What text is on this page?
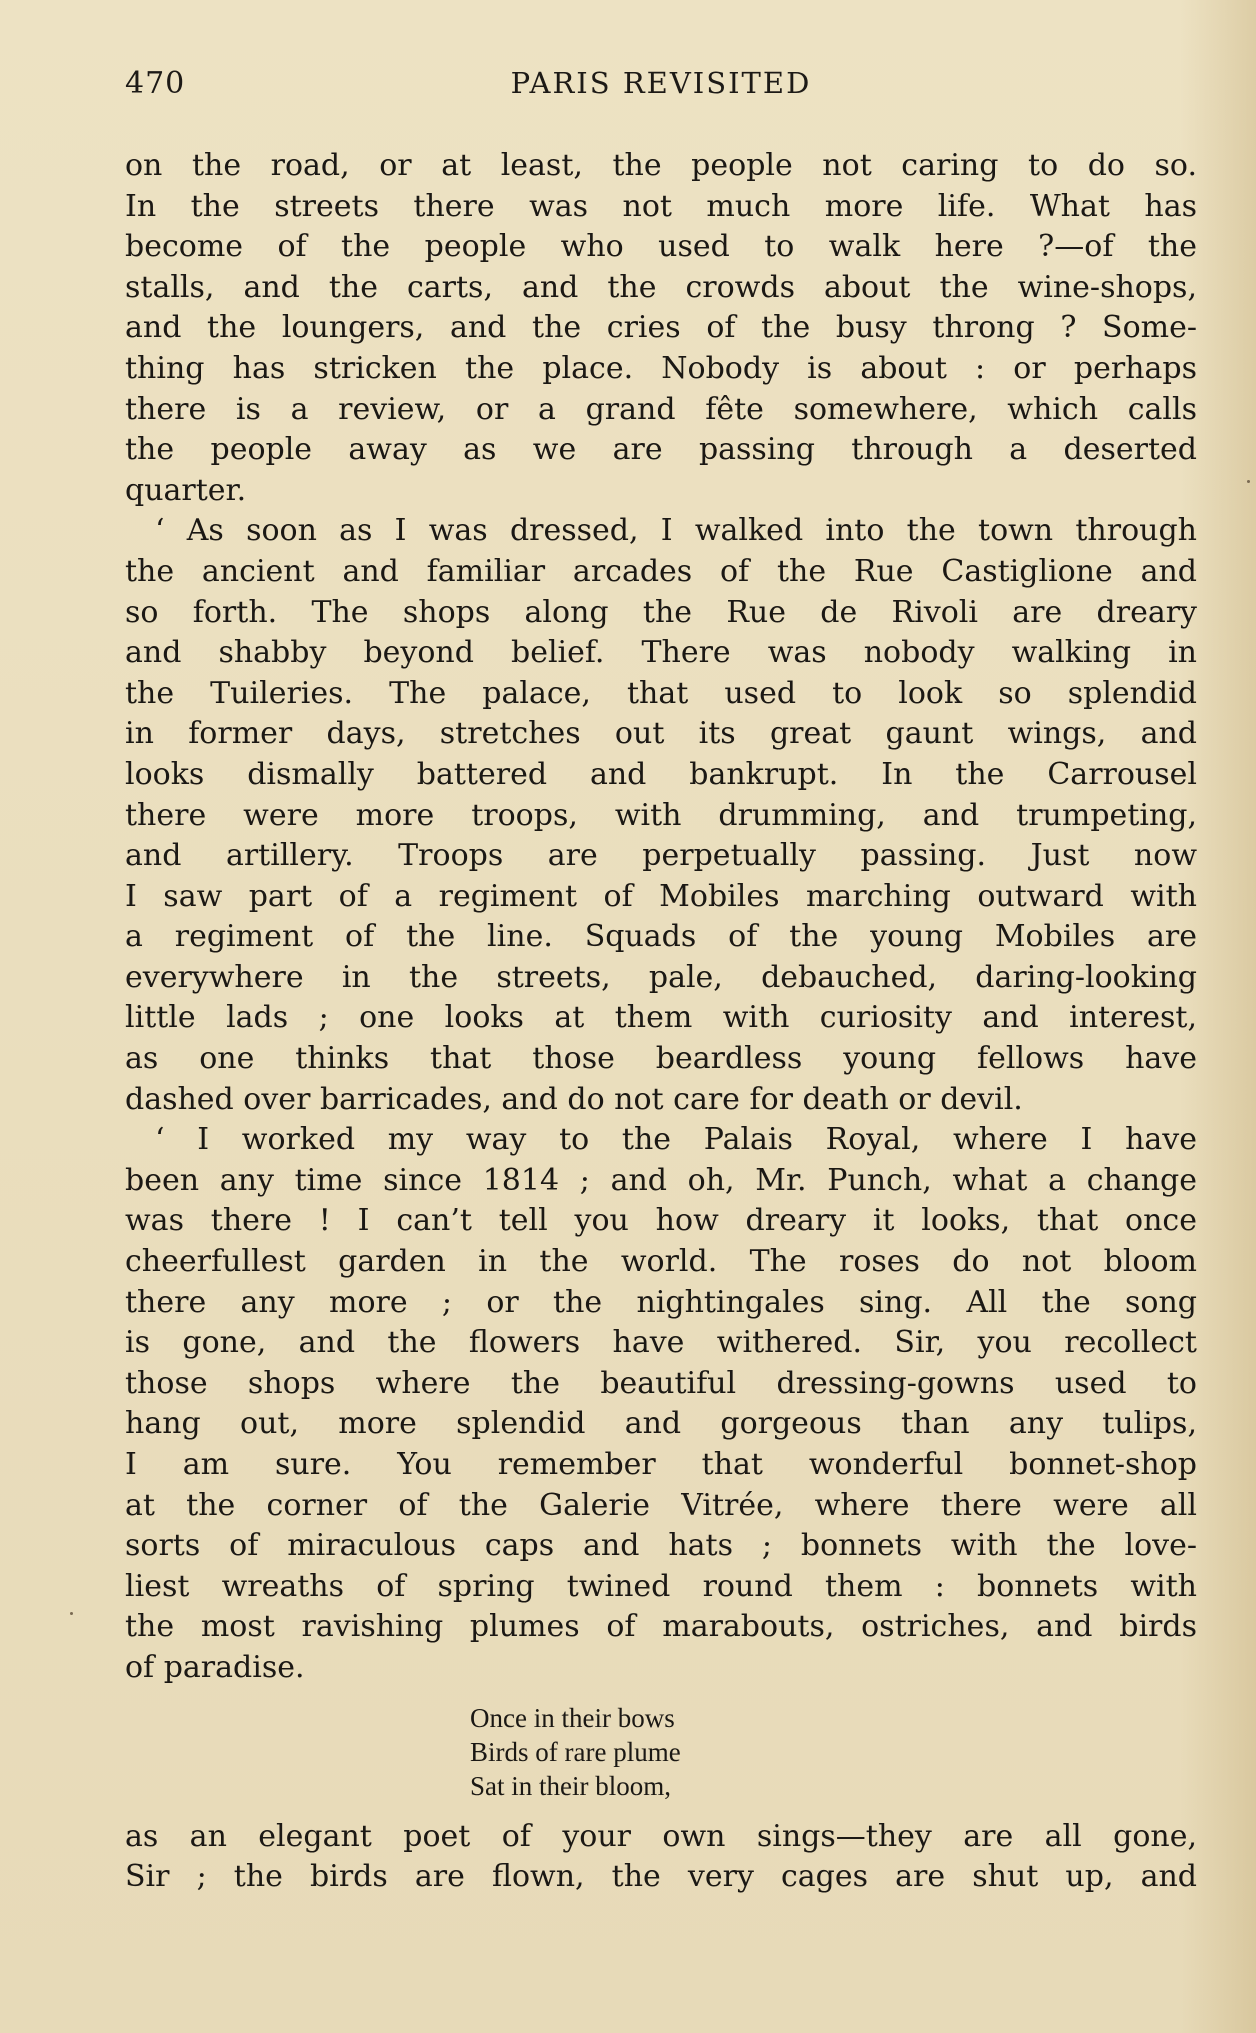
470	PARIS REVISITED
on the road, or at least, the people not caring to do so.
In the streets there was not much more life. What has
become of the people who used to walk here ?—of the
stalls, and the carts, and the crowds about the wine-shops,
and the loungers, and the cries of the busy throng ? Some-
thing has stricken the place. Nobody is about : or perhaps
there is a review, or a grand fête somewhere, which calls
the people away as we are passing through a deserted
quarter.
‘ As soon as I was dressed, I walked into the town through
the ancient and familiar arcades of the Rue Castiglione and
so forth. The shops along the Rue de Rivoli are dreary
and shabby beyond belief. There was nobody walking in
the Tuileries. The palace, that used to look so splendid
in former days, stretches out its great gaunt wings, and
looks dismally battered and bankrupt. In the Carrousel
there were more troops, with drumming, and trumpeting,
and artillery. Troops are perpetually passing. Just now
I saw part of a regiment of Mobiles marching outward with
a regiment of the line. Squads of the young Mobiles are
everywhere in the streets, pale, debauched, daring-looking
little lads ; one looks at them with curiosity and interest,
as one thinks that those beardless young fellows have
dashed over barricades, and do not care for death or devil.
‘ I worked my way to the Palais Royal, where I have
been any time since 1814 ; and oh, Mr. Punch, what a change
was there ! I can’t tell you how dreary it looks, that once
cheerfullest garden in the world. The roses do not bloom
there any more ; or the nightingales sing. All the song
is gone, and the flowers have withered. Sir, you recollect
those shops where the beautiful dressing-gowns used to
hang out, more splendid and gorgeous than any tulips,
I am sure. You remember that wonderful bonnet-shop
at the corner of the Galerie Vitrée, where there were all
sorts of miraculous caps and hats ; bonnets with the love-
liest wreaths of spring twined round them : bonnets with
the most ravishing plumes of marabouts, ostriches, and birds
of paradise.
Once in their bows
Birds of rare plume
Sat in their bloom,
as an elegant poet of your own sings—they are all gone,
Sir ; the birds are flown, the very cages are shut up, and
